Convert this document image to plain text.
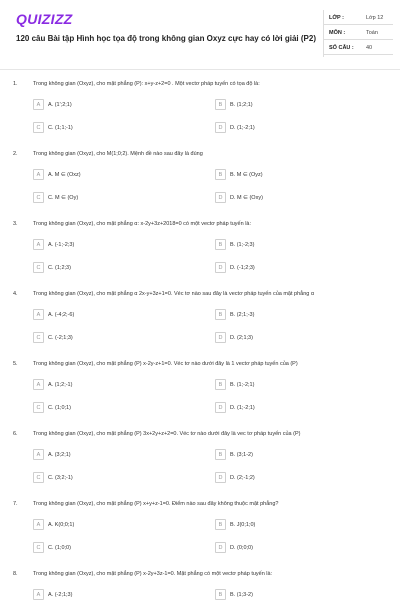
QUIZIZZ
120 câu Bài tập Hình học tọa độ trong không gian Oxyz cực hay có lời giải (P2)
LỚP :	Lớp 12
MÔN :	Toán
SỐ CÂU : 40
1.	Trong không gian (Oxyz), cho mặt phẳng (P): x+y-z+2=0 . Một vectơ pháp tuyến có tọa độ là:
A	A. (1';2;1)	B	B. (1;2;1)
C	C. (1;1;-1)	D	D. (1;-2;1)
2.	Trong không gian (Oxyz), cho M(1;0;2). Mệnh đề nào sau đây là đúng
A	A. M ∈ (Oxz)	B	B. M ∈ (Oyz)
C	C. M ∈ (Oy)	D	D. M ∈ (Oxy)
3.	Trong không gian (Oxyz), cho mặt phẳng α: x-2y+3z+2018=0 có một vectơ pháp tuyến là:
A	A. (-1;-2;3)	B	B. (1;-2;3)
C	C. (1;2;3)	D	D. (-1;2;3)
4.	Trong không gian (Oxyz), cho mặt phẳng α 2x-y+3z+1=0. Véc tơ nào sau đây là vectơ pháp tuyến của mặt phẳng α
A	A. (-4;2;-6)	B	B. (2;1;-3)
C	C. (-2;1;3)	D	D. (2;1;3)
5.	Trong không gian (Oxyz), cho mặt phẳng (P) x-2y-z+1=0. Véc tơ nào dưới đây là 1 vectơ pháp tuyến của (P)
A	A. (1;2;-1)	B	B. (1;-2;1)
C	C. (1;0;1)	D	D. (1;-2;1)
6.	Trong không gian (Oxyz), cho mặt phẳng (P) 3x+2y+z+2=0. Véc tơ nào dưới đây là vec tơ pháp tuyến của (P)
A	A. (3;2;1)	B	B. (3;1-2)
C	C. (3;2;-1)	D	D. (2;-1;2)
7.	Trong không gian (Oxyz), cho mặt phẳng (P) x+y+z-1=0. Điểm nào sau đây không thuộc mặt phẳng?
A	A. K(0;0;1)	B	B. J(0;1;0)
C	C. (1;0;0)	D	D. (0;0;0)
8.	Trong không gian (Oxyz), cho mặt phẳng (P) x-2y+3z-1=0. Mặt phẳng có một vectơ pháp tuyến là:
A	A. (-2;1;3)	B	B. (1;3-2)
